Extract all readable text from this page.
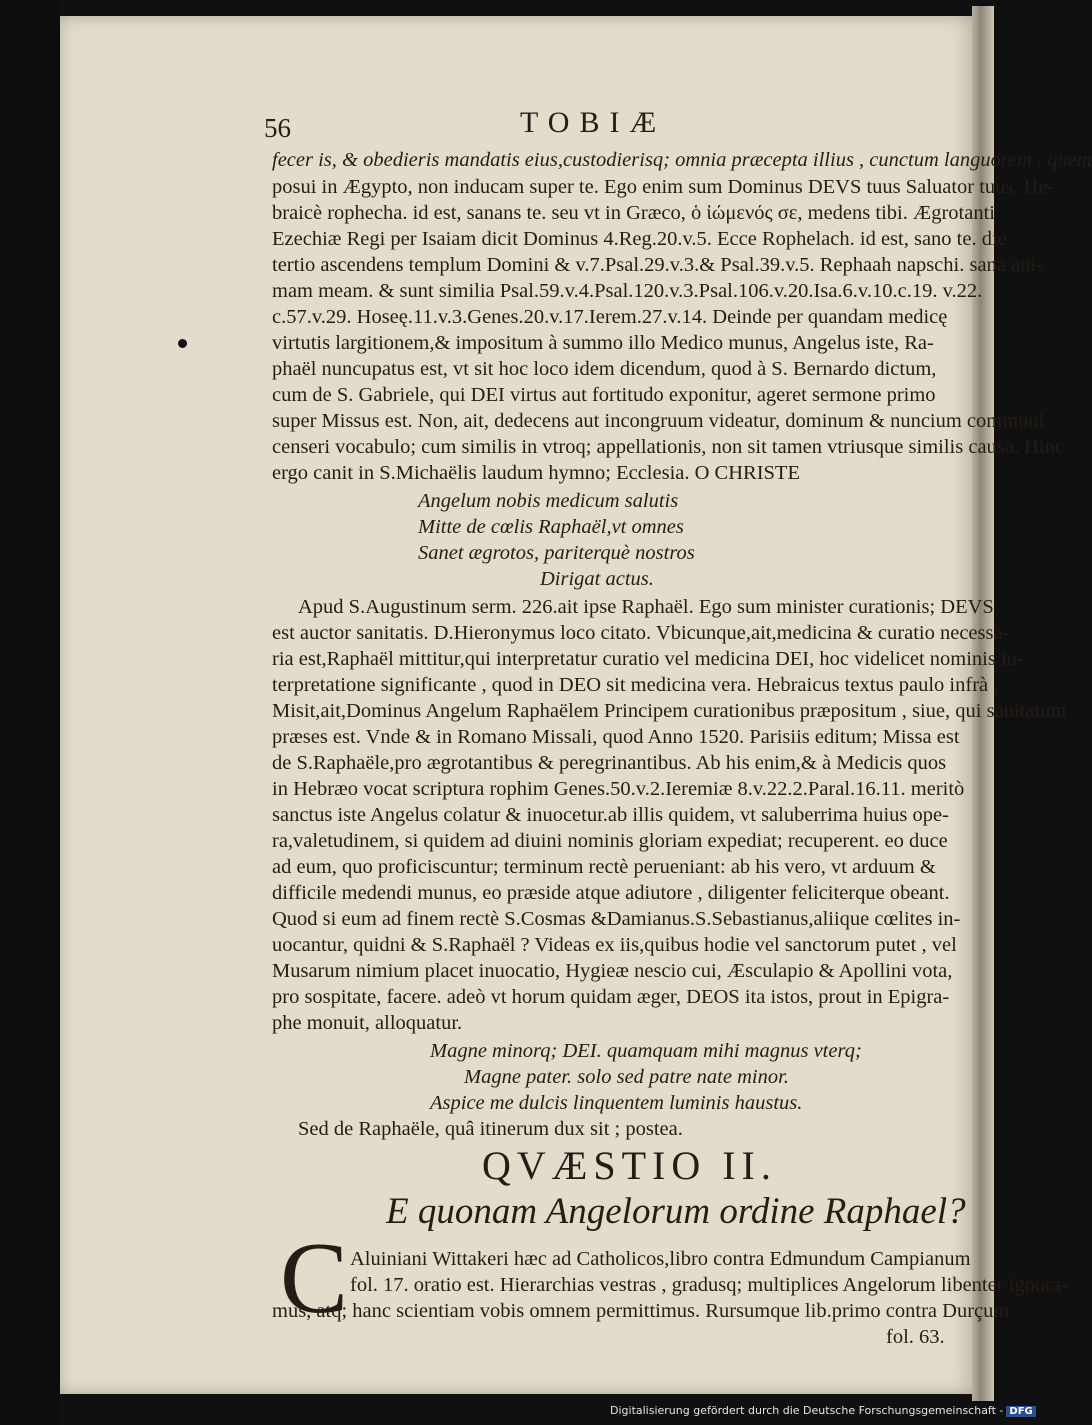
56	TOBIÆ
fecer is, & obedieris mandatis eius,custodierisq; omnia præcepta illius , cunctum languorem , quem
posui in Ægypto, non inducam super te. Ego enim sum Dominus DEVS tuus Saluator tuus. He-
braicè rophecha. id est, sanans te. seu vt in Græco, ὁ ἰώμενός σε, medens tibi. Ægrotanti
Ezechiæ Regi per Isaiam dicit Dominus 4.Reg.20.v.5. Ecce Rophelach. id est, sano te. die
tertio ascendens templum Domini & v.7.Psal.29.v.3.& Psal.39.v.5. Rephaah napschi. sana ani-
mam meam. & sunt similia Psal.59.v.4.Psal.120.v.3.Psal.106.v.20.Isa.6.v.10.c.19. v.22.
c.57.v.29. Hoseę.11.v.3.Genes.20.v.17.Ierem.27.v.14. Deinde per quandam medicę
virtutis largitionem,& impositum à summo illo Medico munus, Angelus iste, Ra-
phaël nuncupatus est, vt sit hoc loco idem dicendum, quod à S. Bernardo dictum,
cum de S. Gabriele, qui DEI virtus aut fortitudo exponitur, ageret sermone primo
super Missus est. Non, ait, dedecens aut incongruum videatur, dominum & nuncium communi
censeri vocabulo; cum similis in vtroq; appellationis, non sit tamen vtriusque similis causa. Hinc
ergo canit in S.Michaëlis laudum hymno; Ecclesia. O CHRISTE
Angelum nobis medicum salutis
Mitte de cœlis Raphaël,vt omnes
Sanet ægrotos, pariterquè nostros
Dirigat actus.
Apud S.Augustinum serm. 226.ait ipse Raphaël. Ego sum minister curationis; DEVS
est auctor sanitatis. D.Hieronymus loco citato. Vbicunque,ait,medicina & curatio necessa-
ria est,Raphaël mittitur,qui interpretatur curatio vel medicina DEI, hoc videlicet nominis in-
terpretatione significante , quod in DEO sit medicina vera. Hebraicus textus paulo infrà ,
Misit,ait,Dominus Angelum Raphaëlem Principem curationibus præpositum , siue, qui sanitatum
præses est. Vnde & in Romano Missali, quod Anno 1520. Parisiis editum; Missa est
de S.Raphaële,pro ægrotantibus & peregrinantibus. Ab his enim,& à Medicis quos
in Hebræo vocat scriptura rophim Genes.50.v.2.Ieremiæ 8.v.22.2.Paral.16.11. meritò
sanctus iste Angelus colatur & inuocetur.ab illis quidem, vt saluberrima huius ope-
ra,valetudinem, si quidem ad diuini nominis gloriam expediat; recuperent. eo duce
ad eum, quo proficiscuntur; terminum rectè perueniant: ab his vero, vt arduum &
difficile medendi munus, eo præside atque adiutore , diligenter feliciterque obeant.
Quod si eum ad finem rectè S.Cosmas &Damianus.S.Sebastianus,aliique cœlites in-
uocantur, quidni & S.Raphaël ? Videas ex iis,quibus hodie vel sanctorum putet , vel
Musarum nimium placet inuocatio, Hygieæ nescio cui, Æsculapio & Apollini vota,
pro sospitate, facere. adeò vt horum quidam æger, DEOS ita istos, prout in Epigra-
phe monuit, alloquatur.
Magne minorq; DEI. quamquam mihi magnus vterq;
Magne pater. solo sed patre nate minor.
Aspice me dulcis linquentem luminis haustus.
Sed de Raphaële, quâ itinerum dux sit ; postea.
QVÆSTIO II.
E quonam Angelorum ordine Raphael?
C Aluiniani Wittakeri hæc ad Catholicos,libro contra Edmundum Campianum
fol. 17. oratio est. Hierarchias vestras , gradusq; multiplices Angelorum libenter ignora-
mus, atq; hanc scientiam vobis omnem permittimus. Rursumque lib.primo contra Durçum
fol. 63.
Digitalisierung gefördert durch die Deutsche Forschungsgemeinschaft - DFG
